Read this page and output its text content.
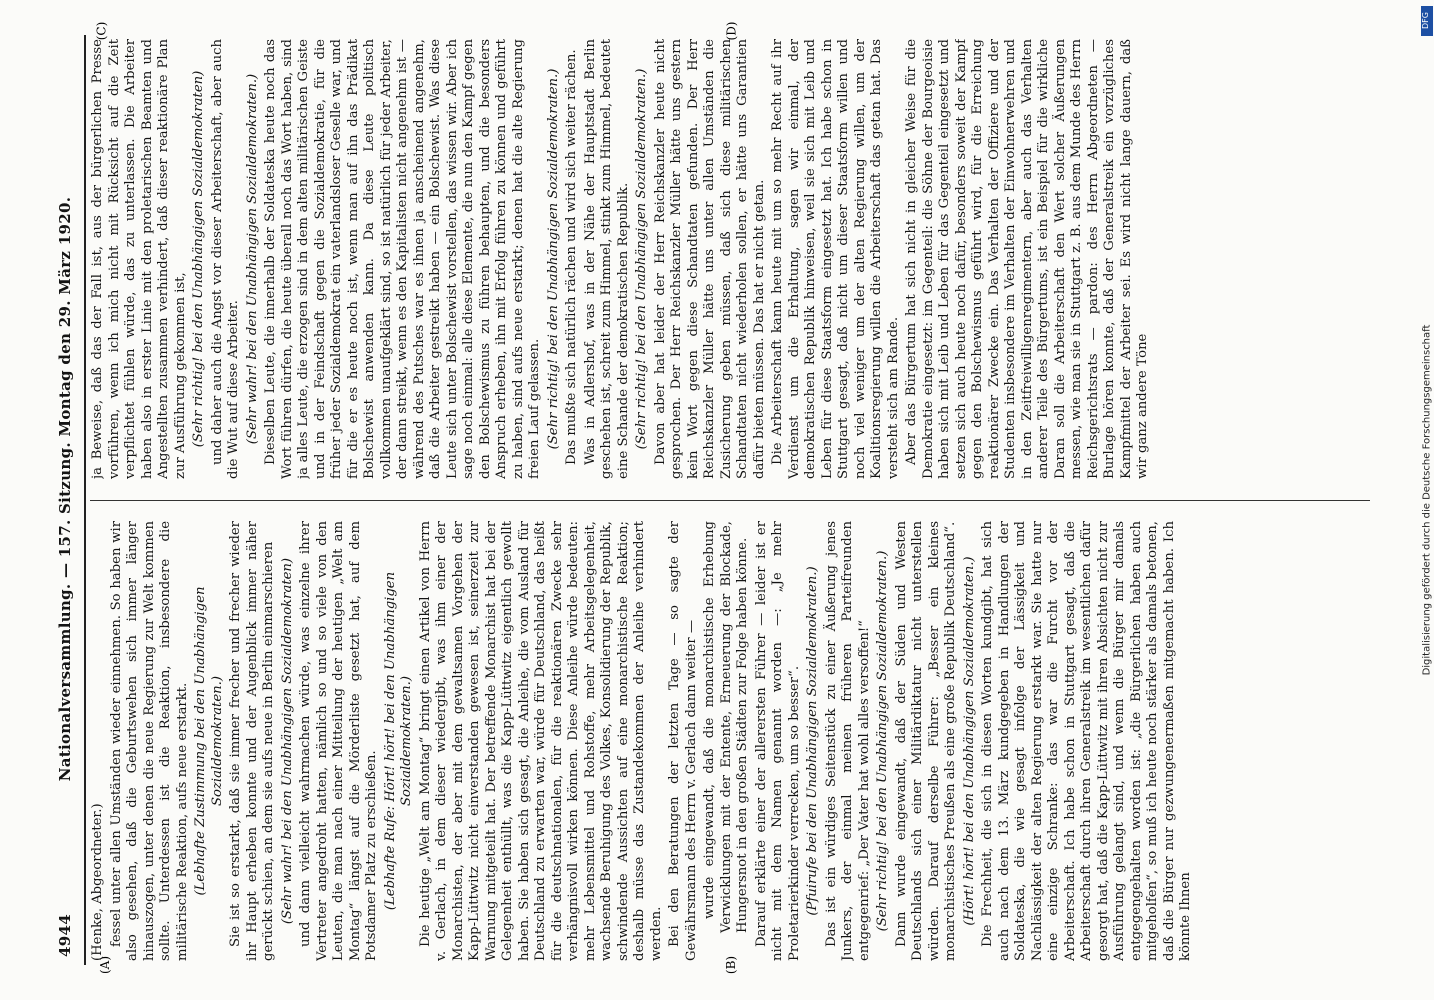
4944
Nationalversammlung. — 157. Sitzung. Montag den 29. März 1920.

(Henke, Abgeordneter.) fessel unter allen Umständen wieder einnehmen. So haben wir also gesehen, daß die Geburtswehen sich immer länger hinauszogen, unter denen die neue Regierung zur Welt kommen sollte. Unterdessen ist die Reaktion, insbesondere die militärische Reaktion, aufs neue erstarkt. (Lebhafte Zustimmung bei den Unabhängigen Sozialdemokraten.) Sie ist so erstarkt, daß sie immer frecher und frecher wieder ihr Haupt erheben konnte und der Augenblick immer näher gerückt schien, an dem sie aufs neue in Berlin einmarschieren (Sehr wahr! bei den Unabhängigen Sozialdemokraten) und dann vielleicht wahrmachen würde, was einzelne ihrer Vertreter angedroht hatten, nämlich so und so viele von den Leuten, die man nach einer Mitteilung der heutigen „Welt am Montag“ längst auf die Mörderliste gesetzt hat, auf dem Potsdamer Platz zu erschießen. (Lebhafte Rufe: Hört! hört! bei den Unabhängigen Sozialdemokraten.) Die heutige „Welt am Montag“ bringt einen Artikel von Herrn v. Gerlach, in dem dieser wiedergibt, was ihm einer der Monarchisten, der aber mit dem gewaltsamen Vorgehen der Kapp-Lüttwitz nicht einverstanden gewesen ist, seinerzeit zur Warnung mitgeteilt hat. Der betreffende Monarchist hat bei der Gelegenheit enthüllt, was die Kapp-Lüttwitz eigentlich gewollt haben. Sie haben sich gesagt, die Anleihe, die vom Ausland für Deutschland zu erwarten war, würde für Deutschland, das heißt für die deutschnationalen, für die reaktionären Zwecke sehr verhängnisvoll wirken können. Diese Anleihe würde bedeuten: mehr Lebensmittel und Rohstoffe, mehr Arbeitsgelegenheit, wachsende Beruhigung des Volkes, Konsolidierung der Republik, schwindende Aussichten auf eine monarchistische Reaktion; deshalb müsse das Zustandekommen der Anleihe verhindert werden. Bei den Beratungen der letzten Tage — so sagte der Gewährsmann des Herrn v. Gerlach dann weiter — wurde eingewandt, daß die monarchistische Erhebung Verwicklungen mit der Entente, Erneuerung der Blockade, Hungersnot in den großen Städten zur Folge haben könne. Darauf erklärte einer der allerersten Führer — leider ist er nicht mit dem Namen genannt worden —: „Je mehr Proletarierkinder verrecken, um so besser“. (Pfuirufe bei den Unabhängigen Sozialdemokraten.) Das ist ein würdiges Seitenstück zu einer Äußerung jenes Junkers, der einmal meinen früheren Parteifreunden entgegenrief: „Der Vater hat wohl alles versoffen!“ (Sehr richtig! bei den Unabhängigen Sozialdemokraten.) Dann wurde eingewandt, daß der Süden und Westen Deutschlands sich einer Militärdiktatur nicht unterstellen würden. Darauf derselbe Führer: „Besser ein kleines monarchistisches Preußen als eine große Republik Deutschland“. (Hört! hört! bei den Unabhängigen Sozialdemokraten.) Die Frechheit, die sich in diesen Worten kundgibt, hat sich auch nach dem 13. März kundgegeben in Handlungen der Soldateska, die wie gesagt infolge der Lässigkeit und Nachlässigkeit der alten Regierung erstarkt war. Sie hatte nur eine einzige Schranke: das war die Furcht vor der Arbeiterschaft. Ich habe schon in Stuttgart gesagt, daß die Arbeiterschaft durch ihren Generalstreik im wesentlichen dafür gesorgt hat, daß die Kapp-Lüttwitz mit ihren Absichten nicht zur Ausführung gelangt sind, und wenn die Bürger mir damals entgegengehalten worden ist: „die Bürgerlichen haben auch mitgeholfen“, so muß ich heute noch stärker als damals betonen, daß die Bürger nur gezwungenermaßen mitgemacht haben. Ich könnte Ihnen

ja Beweise, daß das der Fall ist, aus der bürgerlichen Presse vorführen, wenn ich mich nicht mit Rücksicht auf die Zeit verpflichtet fühlen würde, das zu unterlassen. Die Arbeiter haben also in erster Linie mit den proletarischen Beamten und Angestellten zusammen verhindert, daß dieser reaktionäre Plan zur Ausführung gekommen ist, (Sehr richtig! bei den Unabhängigen Sozialdemokraten) und daher auch die Angst vor dieser Arbeiterschaft, aber auch die Wut auf diese Arbeiter. (Sehr wahr! bei den Unabhängigen Sozialdemokraten.) Dieselben Leute, die innerhalb der Soldateska heute noch das Wort führen dürfen, die heute überall noch das Wort haben, sind ja alles Leute, die erzogen sind in dem alten militärischen Geiste und in der Feindschaft gegen die Sozialdemokratie, für die früher jeder Sozialdemokrat ein vaterlandsloser Geselle war, und für die er es heute noch ist, wenn man auf ihn das Prädikat Bolschewist anwenden kann. Da diese Leute politisch vollkommen unaufgeklärt sind, so ist natürlich für jeder Arbeiter, der dann streikt, wenn es den Kapitalisten nicht angenehm ist — während des Putsches war es ihnen ja anscheinend angenehm, daß die Arbeiter gestreikt haben — ein Bolschewist. Was diese Leute sich unter Bolschewist vorstellen, das wissen wir. Aber ich sage noch einmal: alle diese Elemente, die nun den Kampf gegen den Bolschewismus zu führen behaupten, und die besonders Anspruch erheben, ihn mit Erfolg führen zu können und geführt zu haben, sind aufs neue erstarkt; denen hat die alte Regierung freien Lauf gelassen. (Sehr richtig! bei den Unabhängigen Sozialdemokraten.) Das mußte sich natürlich rächen und wird sich weiter rächen. Was in Adlershof, was in der Nähe der Hauptstadt Berlin geschehen ist, schreit zum Himmel, stinkt zum Himmel, bedeutet eine Schande der demokratischen Republik. (Sehr richtig! bei den Unabhängigen Sozialdemokraten.) Davon aber hat leider der Herr Reichskanzler heute nicht gesprochen. Der Herr Reichskanzler Müller hätte uns gestern kein Wort gegen diese Schandtaten gefunden. Der Herr Reichskanzler Müller hätte uns unter allen Umständen die Zusicherung geben müssen, daß sich diese militärischen Schandtaten nicht wiederholen sollen, er hätte uns Garantien dafür bieten müssen. Das hat er nicht getan. Die Arbeiterschaft kann heute mit um so mehr Recht auf ihr Verdienst um die Erhaltung, sagen wir einmal, der demokratischen Republik hinweisen, weil sie sich mit Leib und Leben für diese Staatsform eingesetzt hat. Ich habe schon in Stuttgart gesagt, daß nicht um dieser Staatsform willen und noch viel weniger um der alten Regierung willen, um der Koalitionsregierung willen die Arbeiterschaft das getan hat. Das versteht sich am Rande. Aber das Bürgertum hat sich nicht in gleicher Weise für die Demokratie eingesetzt: im Gegenteil: die Söhne der Bourgeoisie haben sich mit Leib und Leben für das Gegenteil eingesetzt und setzen sich auch heute noch dafür, besonders soweit der Kampf gegen den Bolschewismus geführt wird, für die Erreichung reaktionärer Zwecke ein. Das Verhalten der Offiziere und der Studenten insbesondere im Verhalten der Einwohnerwehren und in den Zeitfreiwilligenregimentern, aber auch das Verhalten anderer Teile des Bürgertums, ist ein Beispiel für die wirkliche Daran soll die Arbeiterschaft den Wert solcher Äußerungen messen, wie man sie in Stuttgart z. B. aus dem Munde des Herrn Reichsgerichtsrats — pardon: des Herrn Abgeordneten — Burlage hören konnte, daß der Generalstreik ein vorzügliches Kampfmittel der Arbeiter sei. Es wird nicht lange dauern, daß wir ganz andere Töne

(A)	(B)
(C)	(D)
Digitalisierung gefördert durch die Deutsche Forschungsgemeinschaft
DFG
